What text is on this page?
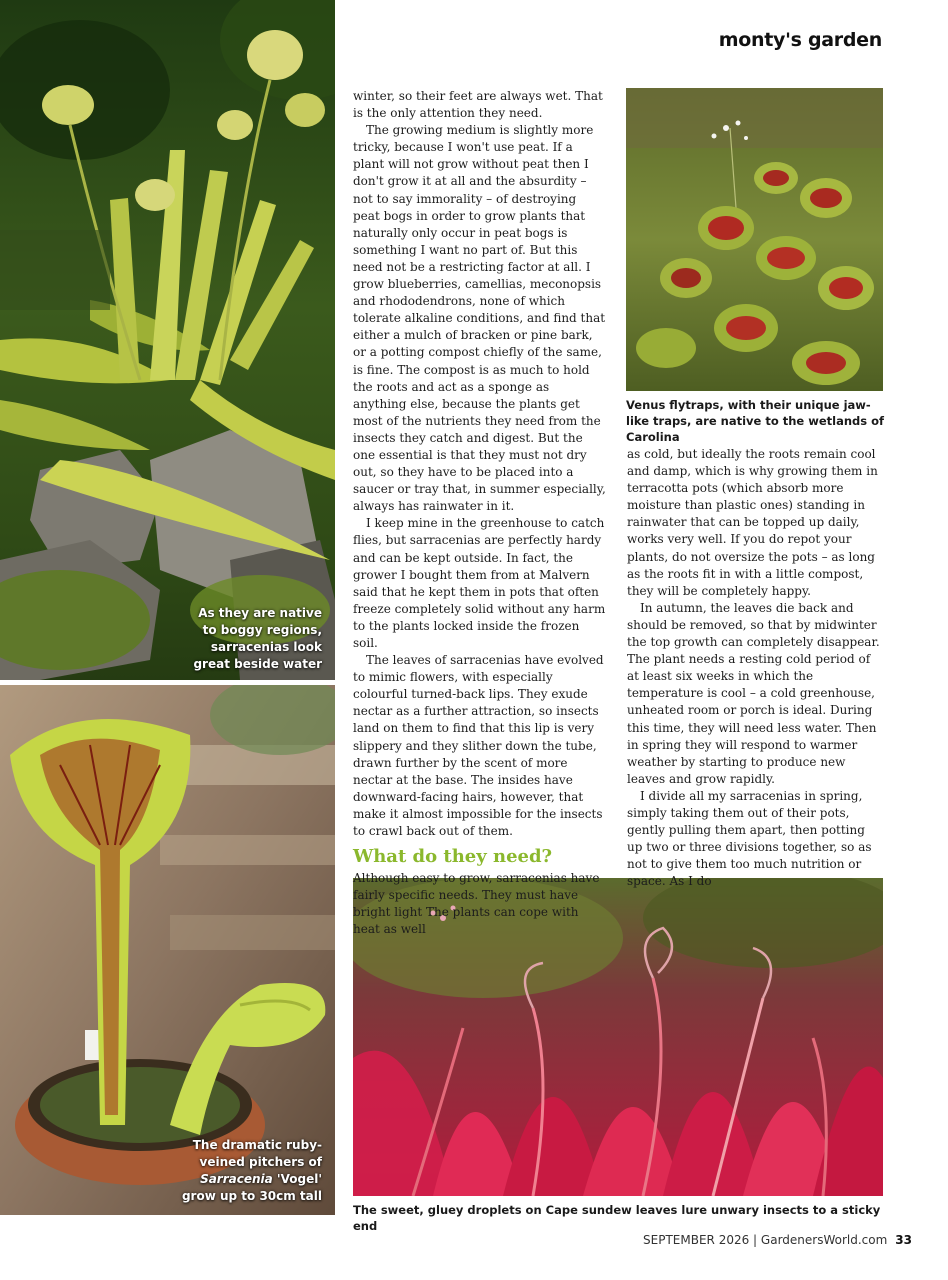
monty's garden
As they are native
to boggy regions,
sarracenias look
great beside water
The dramatic ruby-
veined pitchers of
Sarracenia 'Vogel'
grow up to 30cm tall
Venus flytraps, with their unique jaw-like traps, are native to the wetlands of Carolina
The sweet, gluey droplets on Cape sundew leaves lure unwary insects to a sticky end

winter, so their feet are always wet. That is the only attention they need.

The growing medium is slightly more tricky, because I won't use peat. If a plant will not grow without peat then I don't grow it at all and the absurdity – not to say immorality – of destroying peat bogs in order to grow plants that naturally only occur in peat bogs is something I want no part of. But this need not be a restricting factor at all. I grow blueberries, camellias, meconopsis and rhododendrons, none of which tolerate alkaline conditions, and find that either a mulch of bracken or pine bark, or a potting compost chiefly of the same, is fine. The compost is as much to hold the roots and act as a sponge as anything else, because the plants get most of the nutrients they need from the insects they catch and digest. But the one essential is that they must not dry out, so they have to be placed into a saucer or tray that, in summer especially, always has rainwater in it.

I keep mine in the greenhouse to catch flies, but sarracenias are perfectly hardy and can be kept outside. In fact, the grower I bought them from at Malvern said that he kept them in pots that often freeze completely solid without any harm to the plants locked inside the frozen soil.

The leaves of sarracenias have evolved to mimic flowers, with especially colourful turned-back lips. They exude nectar as a further attraction, so insects land on them to find that this lip is very slippery and they slither down the tube, drawn further by the scent of more nectar at the base. The insides have downward-facing hairs, however, that make it almost impossible for the insects to crawl back out of them.

What do they need?

Although easy to grow, sarracenias have fairly specific needs. They must have bright light The plants can cope with heat as well

as cold, but ideally the roots remain cool and damp, which is why growing them in terracotta pots (which absorb more moisture than plastic ones) standing in rainwater that can be topped up daily, works very well. If you do repot your plants, do not oversize the pots – as long as the roots fit in with a little compost, they will be completely happy.

In autumn, the leaves die back and should be removed, so that by midwinter the top growth can completely disappear. The plant needs a resting cold period of at least six weeks in which the temperature is cool – a cold greenhouse, unheated room or porch is ideal. During this time, they will need less water. Then in spring they will respond to warmer weather by starting to produce new leaves and grow rapidly.

I divide all my sarracenias in spring, simply taking them out of their pots, gently pulling them apart, then potting up two or three divisions together, so as not to give them too much nutrition or space. As I do

SEPTEMBER 2026 | GardenersWorld.com 33
